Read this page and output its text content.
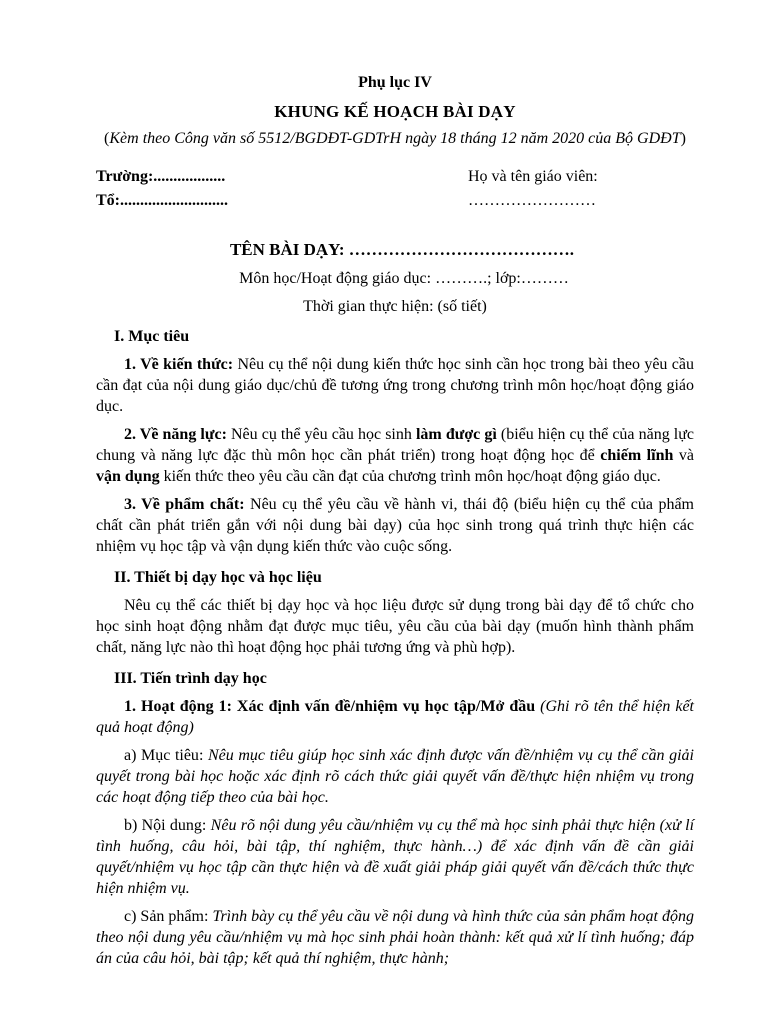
Phụ lục IV
KHUNG KẾ HOẠCH BÀI DẠY
(Kèm theo Công văn số 5512/BGDĐT-GDTrH ngày 18 tháng 12 năm 2020 của Bộ GDĐT)
Trường:..................	Họ và tên giáo viên:
Tổ:...........................	……………………
TÊN BÀI DẠY: ………………………………….
Môn học/Hoạt động giáo dục: ……….; lớp:………
Thời gian thực hiện: (số tiết)
I. Mục tiêu

1. Về kiến thức: Nêu cụ thể nội dung kiến thức học sinh cần học trong bài theo yêu cầu cần đạt của nội dung giáo dục/chủ đề tương ứng trong chương trình môn học/hoạt động giáo dục.

2. Về năng lực: Nêu cụ thể yêu cầu học sinh làm được gì (biểu hiện cụ thể của năng lực chung và năng lực đặc thù môn học cần phát triển) trong hoạt động học để chiếm lĩnh và vận dụng kiến thức theo yêu cầu cần đạt của chương trình môn học/hoạt động giáo dục.

3. Về phẩm chất: Nêu cụ thể yêu cầu về hành vi, thái độ (biểu hiện cụ thể của phẩm chất cần phát triển gắn với nội dung bài dạy) của học sinh trong quá trình thực hiện các nhiệm vụ học tập và vận dụng kiến thức vào cuộc sống.

II. Thiết bị dạy học và học liệu

Nêu cụ thể các thiết bị dạy học và học liệu được sử dụng trong bài dạy để tổ chức cho học sinh hoạt động nhằm đạt được mục tiêu, yêu cầu của bài dạy (muốn hình thành phẩm chất, năng lực nào thì hoạt động học phải tương ứng và phù hợp).

III. Tiến trình dạy học

1. Hoạt động 1: Xác định vấn đề/nhiệm vụ học tập/Mở đầu (Ghi rõ tên thể hiện kết quả hoạt động)

a) Mục tiêu: Nêu mục tiêu giúp học sinh xác định được vấn đề/nhiệm vụ cụ thể cần giải quyết trong bài học hoặc xác định rõ cách thức giải quyết vấn đề/thực hiện nhiệm vụ trong các hoạt động tiếp theo của bài học.

b) Nội dung: Nêu rõ nội dung yêu cầu/nhiệm vụ cụ thể mà học sinh phải thực hiện (xử lí tình huống, câu hỏi, bài tập, thí nghiệm, thực hành…) để xác định vấn đề cần giải quyết/nhiệm vụ học tập cần thực hiện và đề xuất giải pháp giải quyết vấn đề/cách thức thực hiện nhiệm vụ.

c) Sản phẩm: Trình bày cụ thể yêu cầu về nội dung và hình thức của sản phẩm hoạt động theo nội dung yêu cầu/nhiệm vụ mà học sinh phải hoàn thành: kết quả xử lí tình huống; đáp án của câu hỏi, bài tập; kết quả thí nghiệm, thực hành;
